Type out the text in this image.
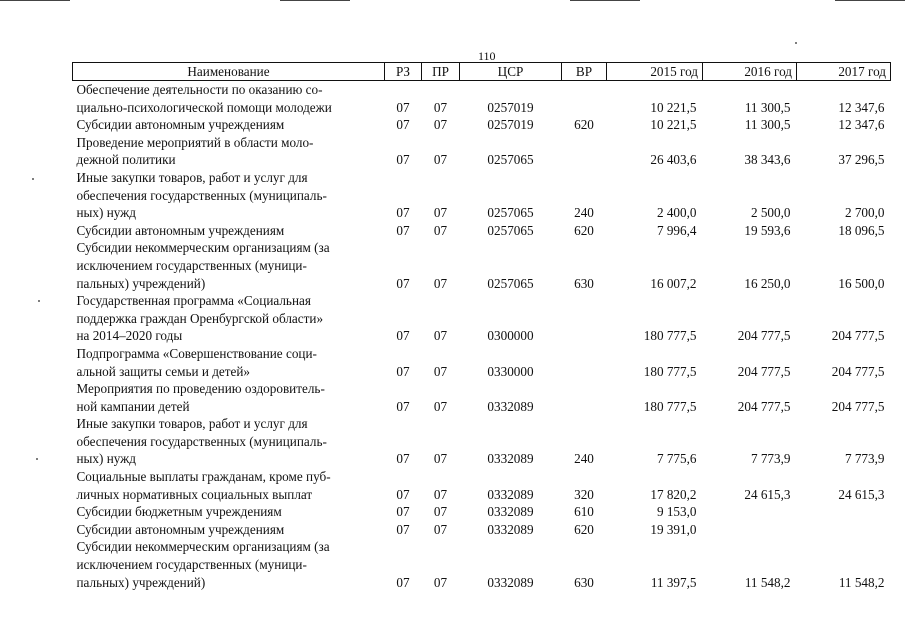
110
Наименование	РЗ	ПР	ЦСР	ВР	2015 год	2016 год	2017 год

Обеспечение деятельности по оказанию со-
циально-психологической помощи молодежи	07	07	0257019		10 221,5	11 300,5	12 347,6

Субсидии автономным учреждениям	07	07	0257019	620	10 221,5	11 300,5	12 347,6

Проведение мероприятий в области моло-
дежной политики	07	07	0257065		26 403,6	38 343,6	37 296,5

Иные закупки товаров, работ и услуг для
обеспечения государственных (муниципаль-
ных) нужд	07	07	0257065	240	2 400,0	2 500,0	2 700,0

Субсидии автономным учреждениям	07	07	0257065	620	7 996,4	19 593,6	18 096,5

Субсидии некоммерческим организациям (за
исключением государственных (муници-
пальных) учреждений)	07	07	0257065	630	16 007,2	16 250,0	16 500,0

Государственная программа «Социальная
поддержка граждан Оренбургской области»
на 2014–2020 годы	07	07	0300000		180 777,5	204 777,5	204 777,5

Подпрограмма «Совершенствование соци-
альной защиты семьи и детей»	07	07	0330000		180 777,5	204 777,5	204 777,5

Мероприятия по проведению оздоровитель-
ной кампании детей	07	07	0332089		180 777,5	204 777,5	204 777,5

Иные закупки товаров, работ и услуг для
обеспечения государственных (муниципаль-
ных) нужд	07	07	0332089	240	7 775,6	7 773,9	7 773,9

Социальные выплаты гражданам, кроме пуб-
личных нормативных социальных выплат	07	07	0332089	320	17 820,2	24 615,3	24 615,3

Субсидии бюджетным учреждениям	07	07	0332089	610	9 153,0		

Субсидии автономным учреждениям	07	07	0332089	620	19 391,0		

Субсидии некоммерческим организациям (за
исключением государственных (муници-
пальных) учреждений)	07	07	0332089	630	11 397,5	11 548,2	11 548,2
